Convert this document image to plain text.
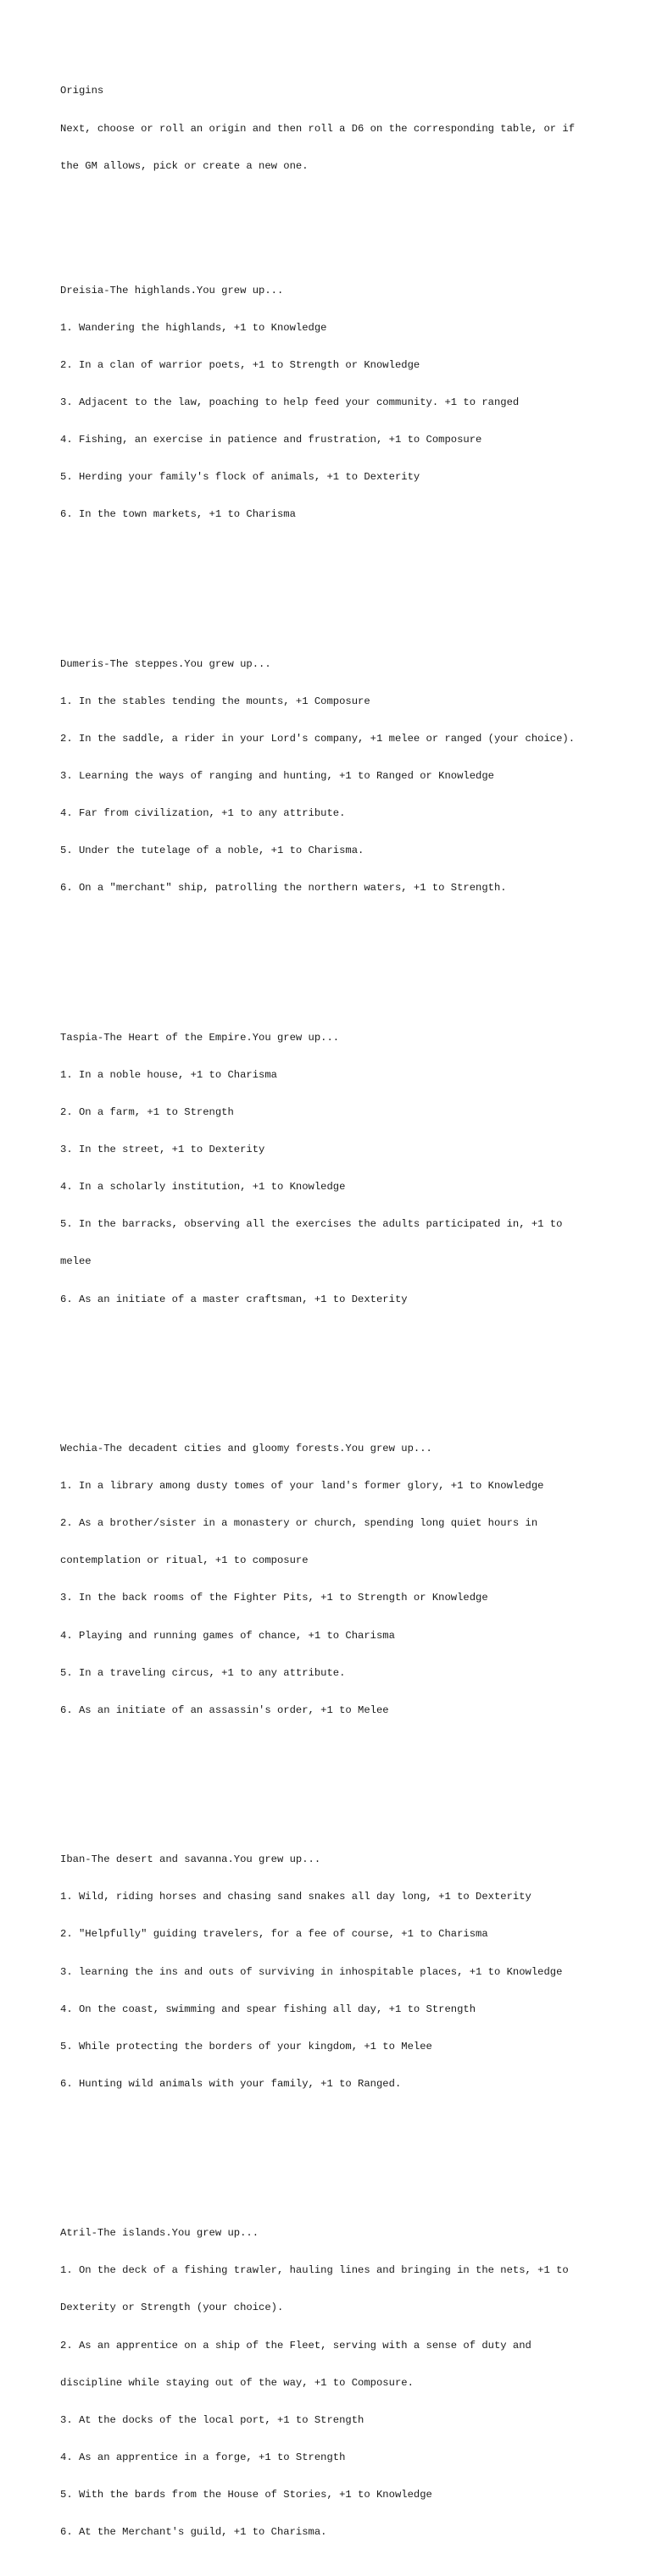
Origins

Next, choose or roll an origin and then roll a D6 on the corresponding table, or if

the GM allows, pick or create a new one.

Dreisia-The highlands.You grew up...

1. Wandering the highlands, +1 to Knowledge

2. In a clan of warrior poets, +1 to Strength or Knowledge

3. Adjacent to the law, poaching to help feed your community. +1 to ranged

4. Fishing, an exercise in patience and frustration, +1 to Composure

5. Herding your family's flock of animals, +1 to Dexterity

6. In the town markets, +1 to Charisma

Dumeris-The steppes.You grew up...

1. In the stables tending the mounts, +1 Composure

2. In the saddle, a rider in your Lord's company, +1 melee or ranged (your choice).

3. Learning the ways of ranging and hunting, +1 to Ranged or Knowledge

4. Far from civilization, +1 to any attribute.

5. Under the tutelage of a noble, +1 to Charisma.

6. On a "merchant" ship, patrolling the northern waters, +1 to Strength.

Taspia-The Heart of the Empire.You grew up...

1. In a noble house, +1 to Charisma

2. On a farm, +1 to Strength

3. In the street, +1 to Dexterity

4. In a scholarly institution, +1 to Knowledge

5. In the barracks, observing all the exercises the adults participated in, +1 to

melee

6. As an initiate of a master craftsman, +1 to Dexterity

Wechia-The decadent cities and gloomy forests.You grew up...

1. In a library among dusty tomes of your land's former glory, +1 to Knowledge

2. As a brother/sister in a monastery or church, spending long quiet hours in

contemplation or ritual, +1 to composure

3. In the back rooms of the Fighter Pits, +1 to Strength or Knowledge

4. Playing and running games of chance, +1 to Charisma

5. In a traveling circus, +1 to any attribute.

6. As an initiate of an assassin's order, +1 to Melee

Iban-The desert and savanna.You grew up...

1. Wild, riding horses and chasing sand snakes all day long, +1 to Dexterity

2. "Helpfully" guiding travelers, for a fee of course, +1 to Charisma

3. learning the ins and outs of surviving in inhospitable places, +1 to Knowledge

4. On the coast, swimming and spear fishing all day, +1 to Strength

5. While protecting the borders of your kingdom, +1 to Melee

6. Hunting wild animals with your family, +1 to Ranged.

Atril-The islands.You grew up...

1. On the deck of a fishing trawler, hauling lines and bringing in the nets, +1 to

Dexterity or Strength (your choice).

2. As an apprentice on a ship of the Fleet, serving with a sense of duty and

discipline while staying out of the way, +1 to Composure.

3. At the docks of the local port, +1 to Strength

4. As an apprentice in a forge, +1 to Strength

5. With the bards from the House of Stories, +1 to Knowledge

6. At the Merchant's guild, +1 to Charisma.
